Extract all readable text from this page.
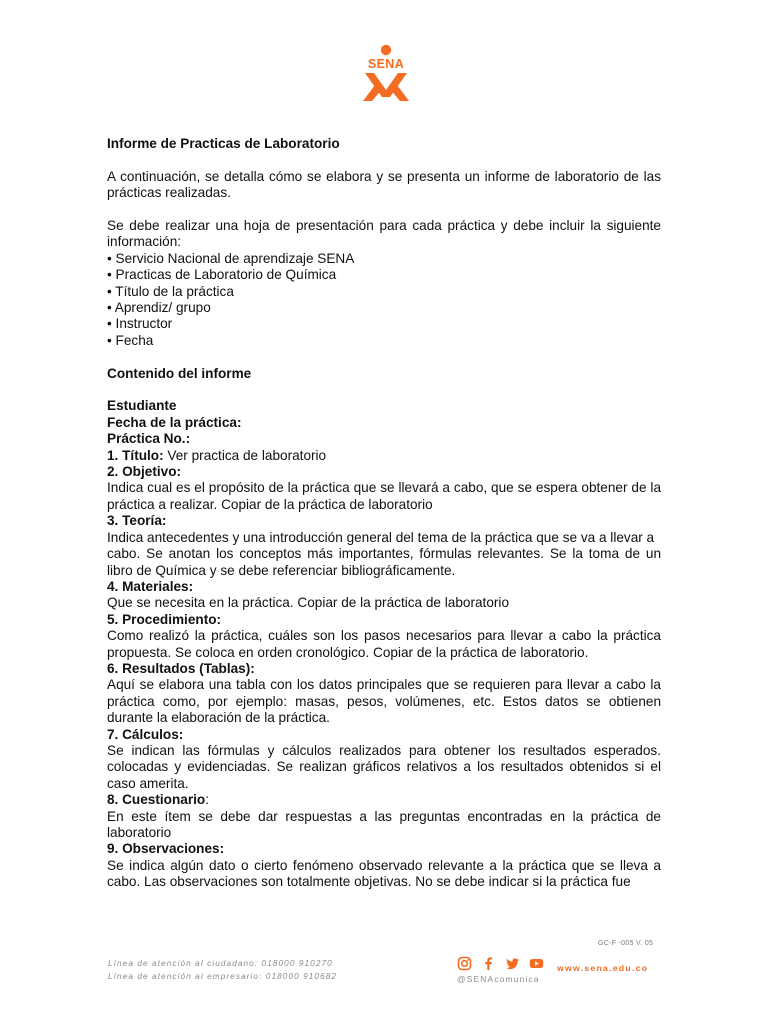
SENA

Informe de Practicas de Laboratorio

A continuación, se detalla cómo se elabora y se presenta un informe de laboratorio de las prácticas realizadas.

Se debe realizar una hoja de presentación para cada práctica y debe incluir la siguiente información:

• Servicio Nacional de aprendizaje SENA
• Practicas de Laboratorio de Química
• Título de la práctica
• Aprendiz/ grupo
• Instructor
• Fecha

Contenido del informe

Estudiante

Fecha de la práctica:

Práctica No.:

1. Título: Ver practica de laboratorio

2. Objetivo:

Indica cual es el propósito de la práctica que se llevará a cabo, que se espera obtener de la práctica a realizar. Copiar de la práctica de laboratorio

3. Teoría:

Indica antecedentes y una introducción general del tema de la práctica que se va a llevar a

cabo. Se anotan los conceptos más importantes, fórmulas relevantes. Se la toma de un libro de Química y se debe referenciar bibliográficamente.

4. Materiales:

Que se necesita en la práctica. Copiar de la práctica de laboratorio

5. Procedimiento:

Como realizó la práctica, cuáles son los pasos necesarios para llevar a cabo la práctica propuesta. Se coloca en orden cronológico. Copiar de la práctica de laboratorio.

6. Resultados (Tablas):

Aquí se elabora una tabla con los datos principales que se requieren para llevar a cabo la práctica como, por ejemplo: masas, pesos, volúmenes, etc. Estos datos se obtienen durante la elaboración de la práctica.

7. Cálculos:

Se indican las fórmulas y cálculos realizados para obtener los resultados esperados. colocadas y evidenciadas. Se realizan gráficos relativos a los resultados obtenidos si el caso amerita.

8. Cuestionario:

En este ítem se debe dar respuestas a las preguntas encontradas en la práctica de laboratorio

9. Observaciones:

Se indica algún dato o cierto fenómeno observado relevante a la práctica que se lleva a cabo. Las observaciones son totalmente objetivas. No se debe indicar si la práctica fue

GC-F -005 V. 05
Línea de atención al ciudadano: 018000 910270
Línea de atención al empresario: 018000 910682	@SENAcomunica
www.sena.edu.co
